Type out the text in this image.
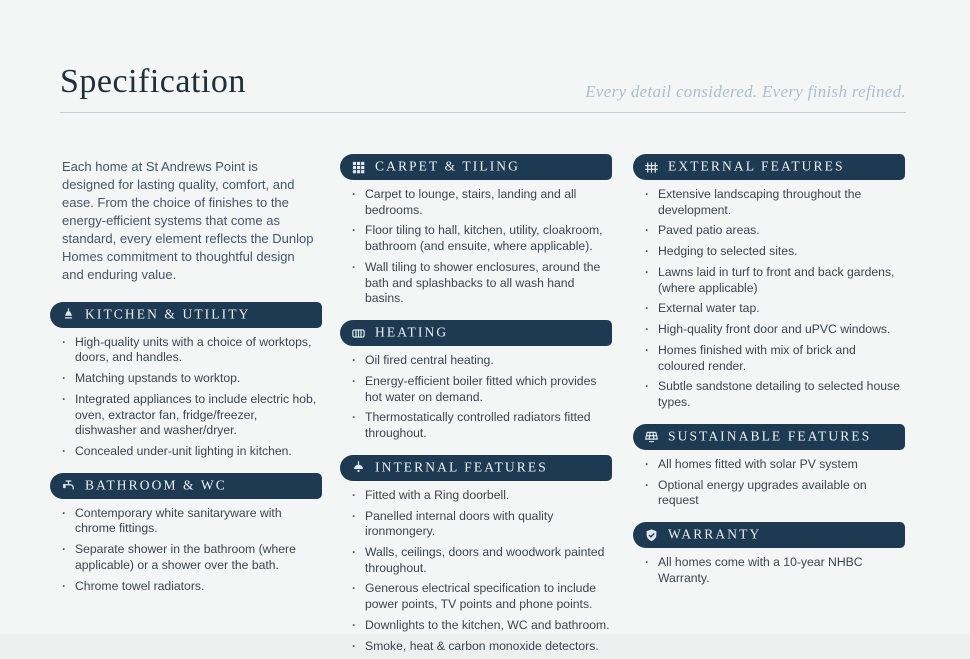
Specification	Every detail considered. Every finish refined.

Each home at St Andrews Point is designed for lasting quality, comfort, and ease. From the choice of finishes to the energy-efficient systems that come as standard, every element reflects the Dunlop Homes commitment to thoughtful design and enduring value.

KITCHEN & UTILITY
· High-quality units with a choice of worktops, doors, and handles.
· Matching upstands to worktop.
· Integrated appliances to include electric hob, oven, extractor fan, fridge/freezer, dishwasher and washer/dryer.
· Concealed under-unit lighting in kitchen.
BATHROOM & WC
· Contemporary white sanitaryware with chrome fittings.
· Separate shower in the bathroom (where applicable) or a shower over the bath.
· Chrome towel radiators.
CARPET & TILING
· Carpet to lounge, stairs, landing and all bedrooms.
· Floor tiling to hall, kitchen, utility, cloakroom, bathroom (and ensuite, where applicable).
· Wall tiling to shower enclosures, around the bath and splashbacks to all wash hand basins.
HEATING
· Oil fired central heating.
· Energy-efficient boiler fitted which provides hot water on demand.
· Thermostatically controlled radiators fitted throughout.
INTERNAL FEATURES
· Fitted with a Ring doorbell.
· Panelled internal doors with quality ironmongery.
· Walls, ceilings, doors and woodwork painted throughout.
· Generous electrical specification to include power points, TV points and phone points.
· Downlights to the kitchen, WC and bathroom.
· Smoke, heat & carbon monoxide detectors.
EXTERNAL FEATURES
· Extensive landscaping throughout the development.
· Paved patio areas.
· Hedging to selected sites.
· Lawns laid in turf to front and back gardens, (where applicable)
· External water tap.
· High-quality front door and uPVC windows.
· Homes finished with mix of brick and coloured render.
· Subtle sandstone detailing to selected house types.
SUSTAINABLE FEATURES
· All homes fitted with solar PV system
· Optional energy upgrades available on request
WARRANTY
· All homes come with a 10-year NHBC Warranty.
